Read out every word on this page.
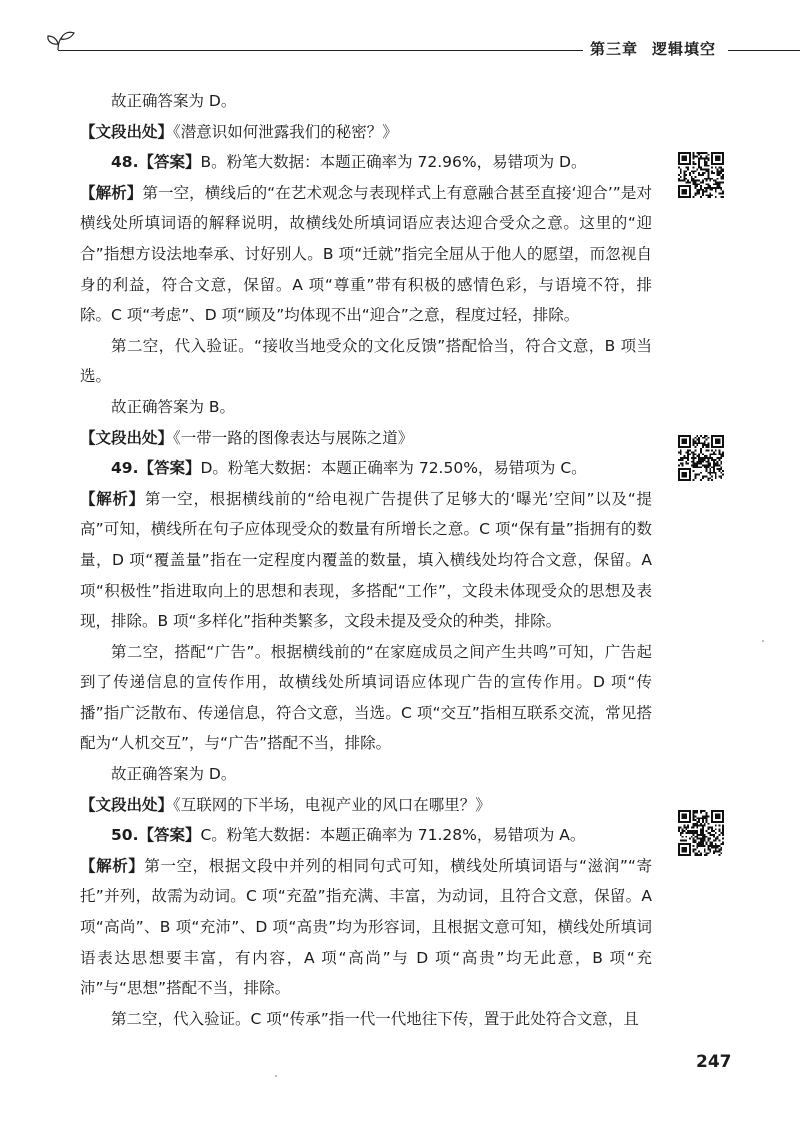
第三章 逻辑填空

故正确答案为 D。

【文段出处】《潜意识如何泄露我们的秘密？》

48.【答案】B。粉笔大数据：本题正确率为 72.96%，易错项为 D。

【解析】第一空，横线后的“在艺术观念与表现样式上有意融合甚至直接‘迎合’”是对横线处所填词语的解释说明，故横线处所填词语应表达迎合受众之意。这里的“迎合”指想方设法地奉承、讨好别人。B 项“迁就”指完全屈从于他人的愿望，而忽视自身的利益，符合文意，保留。A 项“尊重”带有积极的感情色彩，与语境不符，排除。C 项“考虑”、D 项“顾及”均体现不出“迎合”之意，程度过轻，排除。

第二空，代入验证。“接收当地受众的文化反馈”搭配恰当，符合文意，B 项当选。

故正确答案为 B。

【文段出处】《一带一路的图像表达与展陈之道》

49.【答案】D。粉笔大数据：本题正确率为 72.50%，易错项为 C。

【解析】第一空，根据横线前的“给电视广告提供了足够大的‘曝光’空间”以及“提高”可知，横线所在句子应体现受众的数量有所增长之意。C 项“保有量”指拥有的数量，D 项“覆盖量”指在一定程度内覆盖的数量，填入横线处均符合文意，保留。A 项“积极性”指进取向上的思想和表现，多搭配“工作”，文段未体现受众的思想及表现，排除。B 项“多样化”指种类繁多，文段未提及受众的种类，排除。

第二空，搭配“广告”。根据横线前的“在家庭成员之间产生共鸣”可知，广告起到了传递信息的宣传作用，故横线处所填词语应体现广告的宣传作用。D 项“传播”指广泛散布、传递信息，符合文意，当选。C 项“交互”指相互联系交流，常见搭配为“人机交互”，与“广告”搭配不当，排除。

故正确答案为 D。

【文段出处】《互联网的下半场，电视产业的风口在哪里？》

50.【答案】C。粉笔大数据：本题正确率为 71.28%，易错项为 A。

【解析】第一空，根据文段中并列的相同句式可知，横线处所填词语与“滋润”“寄托”并列，故需为动词。C 项“充盈”指充满、丰富，为动词，且符合文意，保留。A 项“高尚”、B 项“充沛”、D 项“高贵”均为形容词，且根据文意可知，横线处所填词语表达思想要丰富，有内容，A 项“高尚”与 D 项“高贵”均无此意，B 项“充沛”与“思想”搭配不当，排除。

第二空，代入验证。C 项“传承”指一代一代地往下传，置于此处符合文意，且

247
